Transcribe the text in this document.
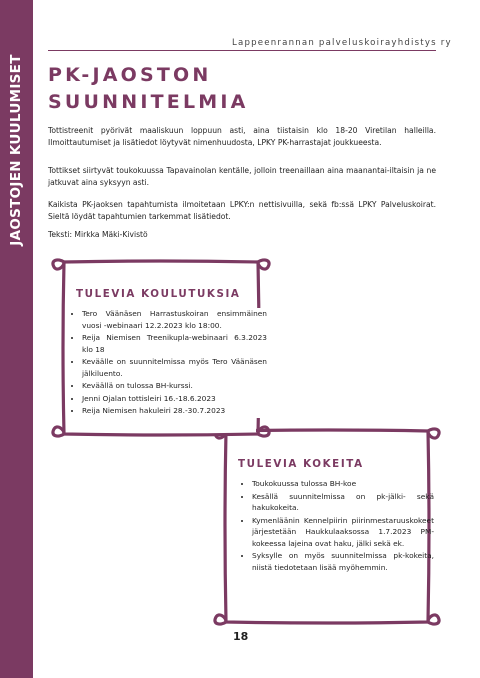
JAOSTOJEN KUULUMISET
Lappeenrannan palveluskoirayhdistys ry
PK-JAOSTON
SUUNNITELMIA

Tottistreenit pyörivät maaliskuun loppuun asti, aina tiistaisin klo 18-20 Viretilan halleilla. Ilmoittautumiset ja lisätiedot löytyvät nimenhuudosta, LPKY PK-harrastajat joukkueesta.

Tottikset siirtyvät toukokuussa Tapavainolan kentälle, jolloin treenaillaan aina maanantai-iltaisin ja ne jatkuvat aina syksyyn asti.

Kaikista PK-jaoksen tapahtumista ilmoitetaan LPKY:n nettisivuilla, sekä fb:ssä LPKY Palveluskoirat. Sieltä löydät tapahtumien tarkemmat lisätiedot.

Teksti: Mirkka Mäki-Kivistö
TULEVIA KOULUTUKSIA
• Tero Väänäsen Harrastuskoiran ensimmäinen vuosi -webinaari 12.2.2023 klo 18:00.
• Reija Niemisen Treenikupla-webinaari 6.3.2023 klo 18
• Keväälle on suunnitelmissa myös Tero Väänäsen jälkiluento.
• Keväällä on tulossa BH-kurssi.
• Jenni Ojalan tottisleiri 16.-18.6.2023
• Reija Niemisen hakuleiri 28.-30.7.2023
TULEVIA KOKEITA
• Toukokuussa tulossa BH-koe
• Kesällä suunnitelmissa on pk-jälki- sekä hakukokeita.
• Kymenläänin Kennelpiirin piirinmestaruuskokeet järjestetään Haukkulaaksossa 1.7.2023 PM-kokeessa lajeina ovat haku, jälki sekä ek.
• Syksylle on myös suunnitelmissa pk-kokeita, niistä tiedotetaan lisää myöhemmin.
18
